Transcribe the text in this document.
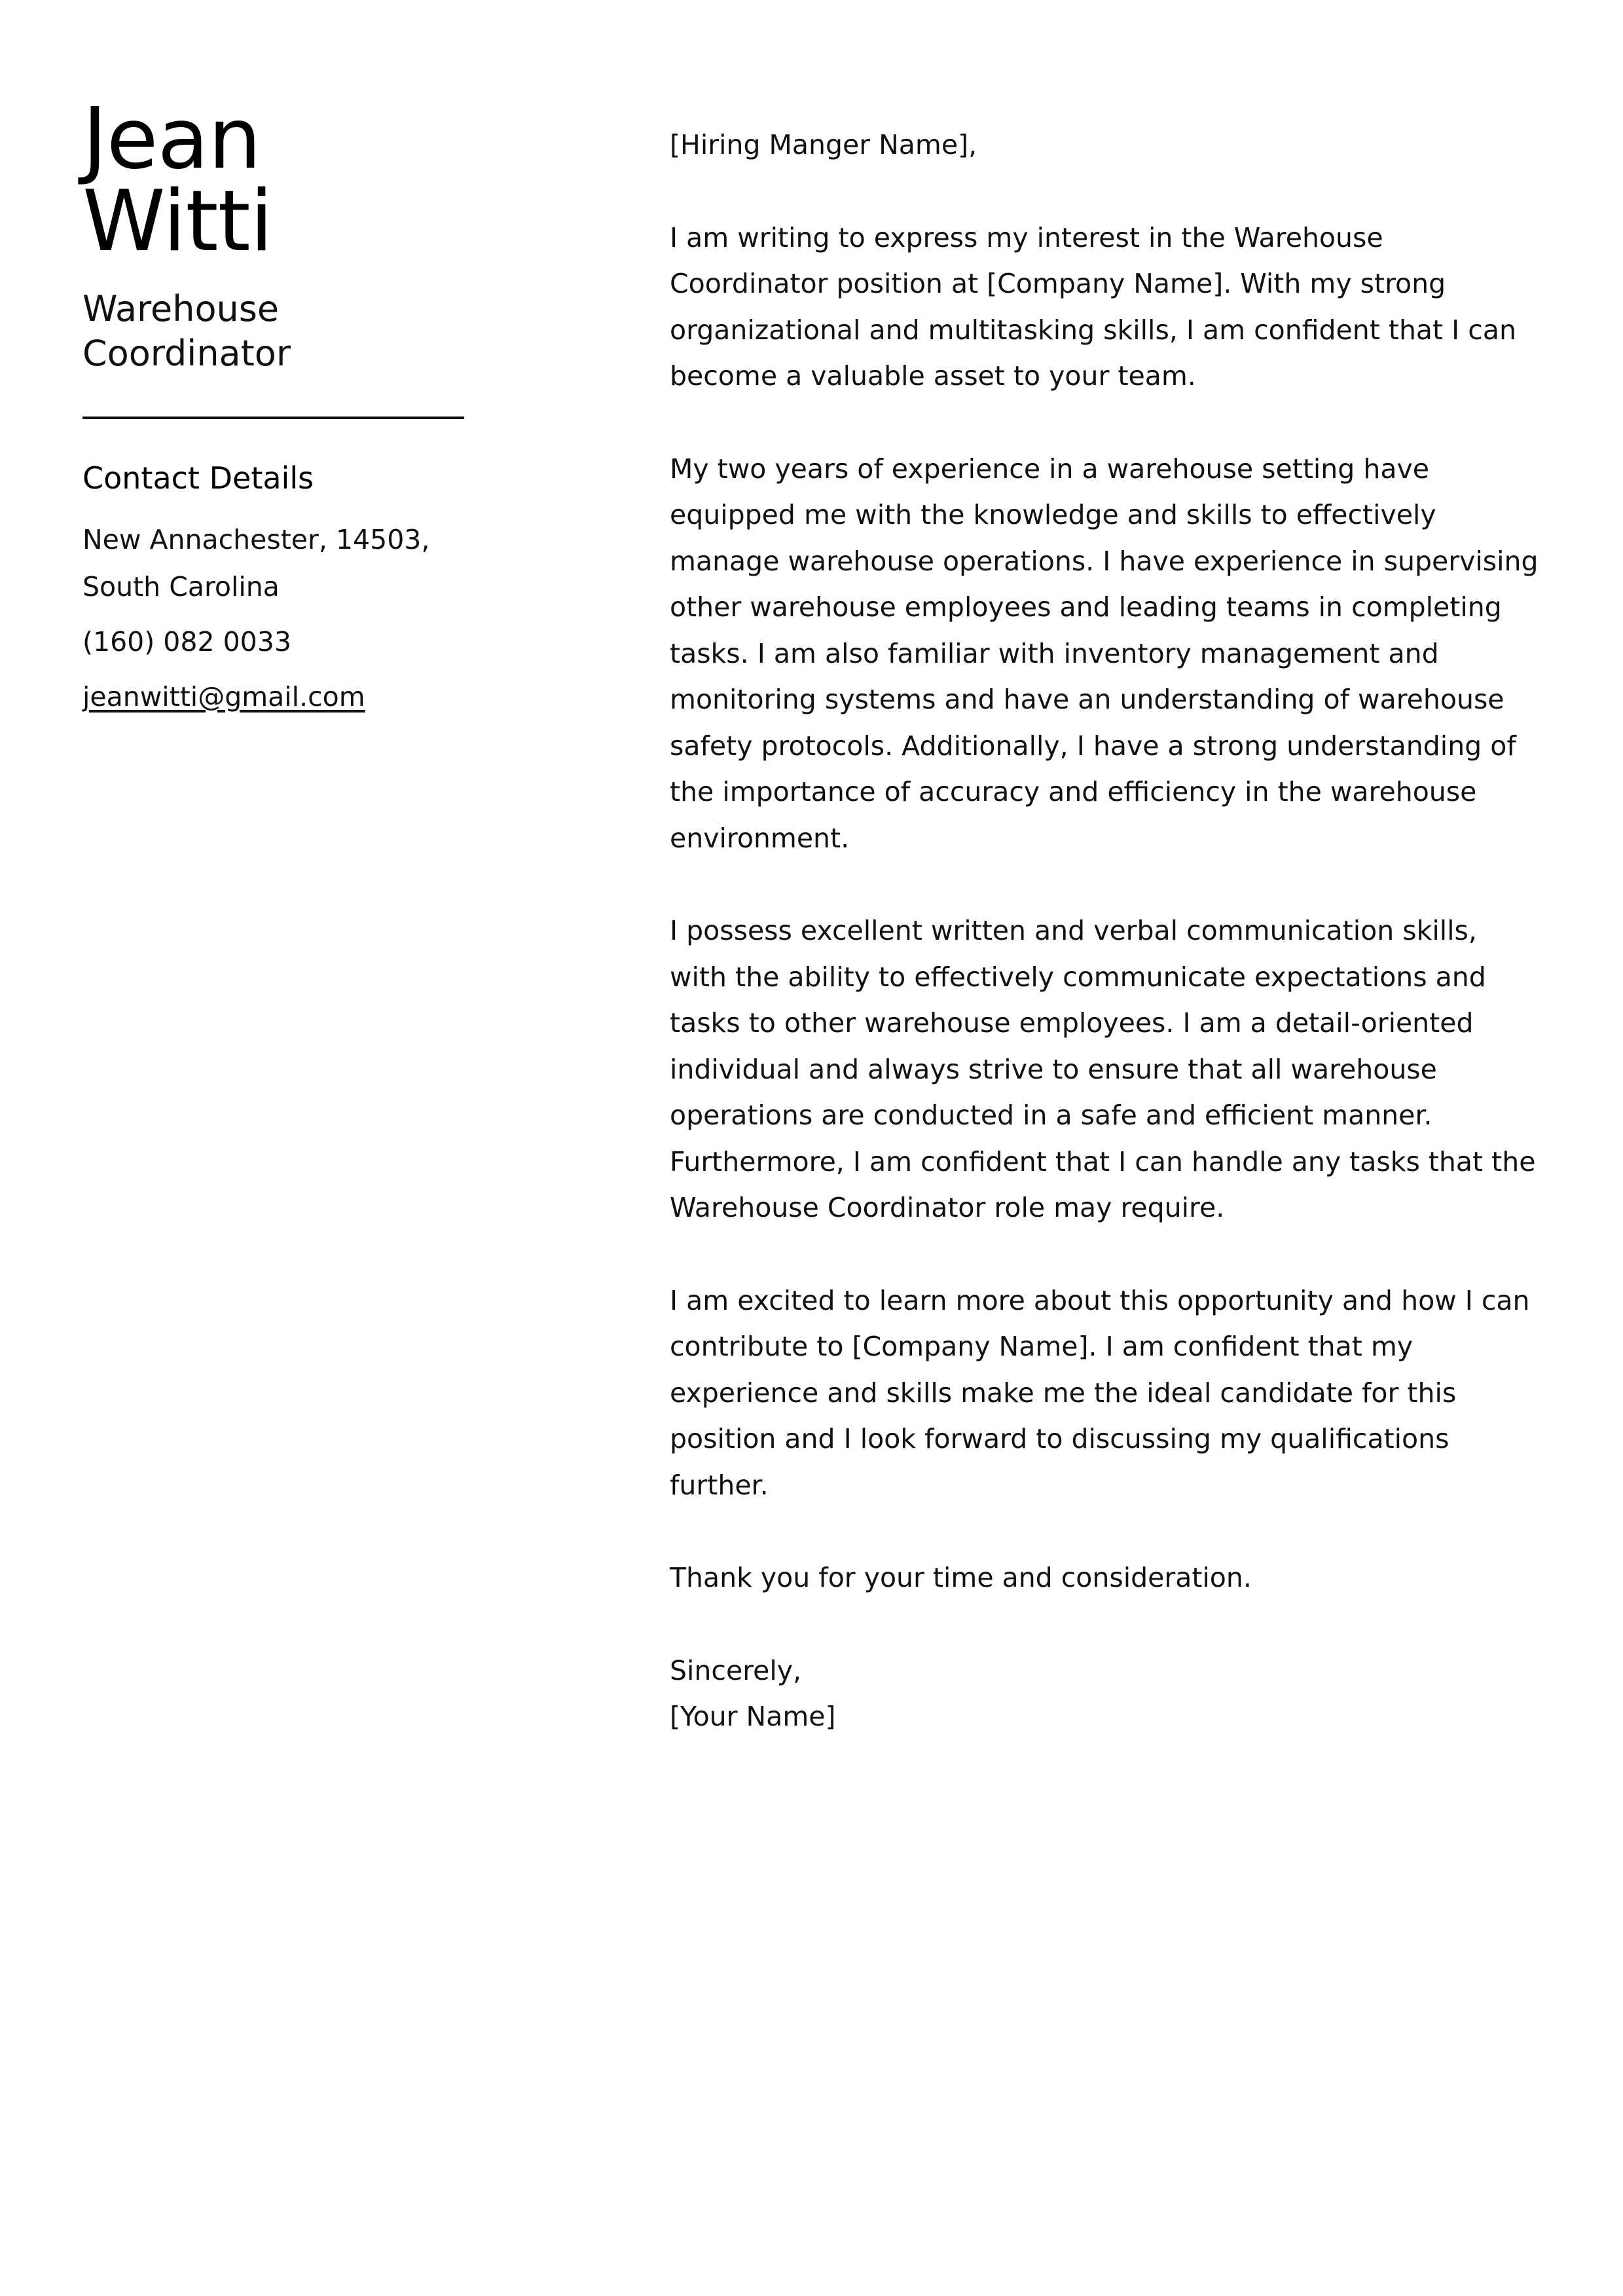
Jean
Witti
Warehouse
Coordinator
Contact Details
New Annachester, 14503,
South Carolina
(160) 082 0033
jeanwitti@gmail.com

[Hiring Manger Name],

I am writing to express my interest in the Warehouse Coordinator position at [Company Name]. With my strong organizational and multitasking skills, I am confident that I can become a valuable asset to your team.

My two years of experience in a warehouse setting have equipped me with the knowledge and skills to effectively manage warehouse operations. I have experience in supervising other warehouse employees and leading teams in completing tasks. I am also familiar with inventory management and monitoring systems and have an understanding of warehouse safety protocols. Additionally, I have a strong understanding of the importance of accuracy and efficiency in the warehouse environment.

I possess excellent written and verbal communication skills, with the ability to effectively communicate expectations and tasks to other warehouse employees. I am a detail-oriented individual and always strive to ensure that all warehouse operations are conducted in a safe and efficient manner. Furthermore, I am confident that I can handle any tasks that the Warehouse Coordinator role may require.

I am excited to learn more about this opportunity and how I can contribute to [Company Name]. I am confident that my experience and skills make me the ideal candidate for this position and I look forward to discussing my qualifications further.

Thank you for your time and consideration.

Sincerely,
[Your Name]
